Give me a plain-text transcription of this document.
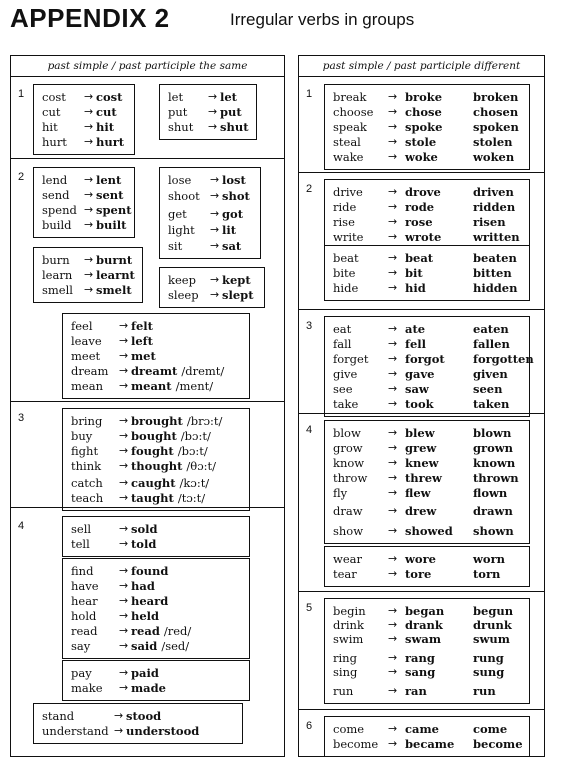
APPENDIX 2	Irregular verbs in groups
past simple / past participle the same
1 cost → cost
cut → cut
hit → hit
hurt → hurt
let → let
put → put
shut → shut
2 lend → lent
send → sent
spend → spent
build → built
lose → lost
shoot → shot
get → got
light → lit
sit	→ sat
burn → burnt
learn → learnt
smell → smelt
keep → kept
sleep → slept
feel → felt
leave → left
meet → met
dream → dreamt /dremt/
mean → meant /ment/
3	bring → brought /brɔ:t/
buy → bought /bɔ:t/
fight → fought /bɔ:t/
think → thought /θɔ:t/
catch → caught /kɔ:t/
teach → taught /tɔ:t/
4	sell	→ sold
tell	→ told
find → found
have → had
hear → heard
hold → held
read → read /red/
say	→ said /sed/
pay → paid
make → made
stand	→ stood
understand → understood
past simple / past participle different
1 break → broke	broken
choose → chose	chosen
speak → spoke	spoken
steal → stole	stolen
wake → woke	woken
2 drive → drove	driven
ride	→ rode	ridden
rise	→ rose	risen
write → wrote	written
beat	→ beat	beaten
bite	→ bit	bitten
hide	→ hid	hidden
3 eat	→ ate	eaten
fall	→ fell	fallen
forget → forgot forgotten
give	→ gave	given
see	→ saw	seen
take	→ took	taken
4 blow → blew	blown
grow → grew	grown
know → knew	known
throw → threw	thrown
fly	→ flew	flown
draw → drew	drawn
show → showed shown
wear → wore	worn
tear	→ tore	torn
5 begin → began	begun
drink → drank	drunk
swim → swam	swum
ring	→ rang	rung
sing	→ sang	sung
run	→ ran	run
6 come → came	come
become → became become
